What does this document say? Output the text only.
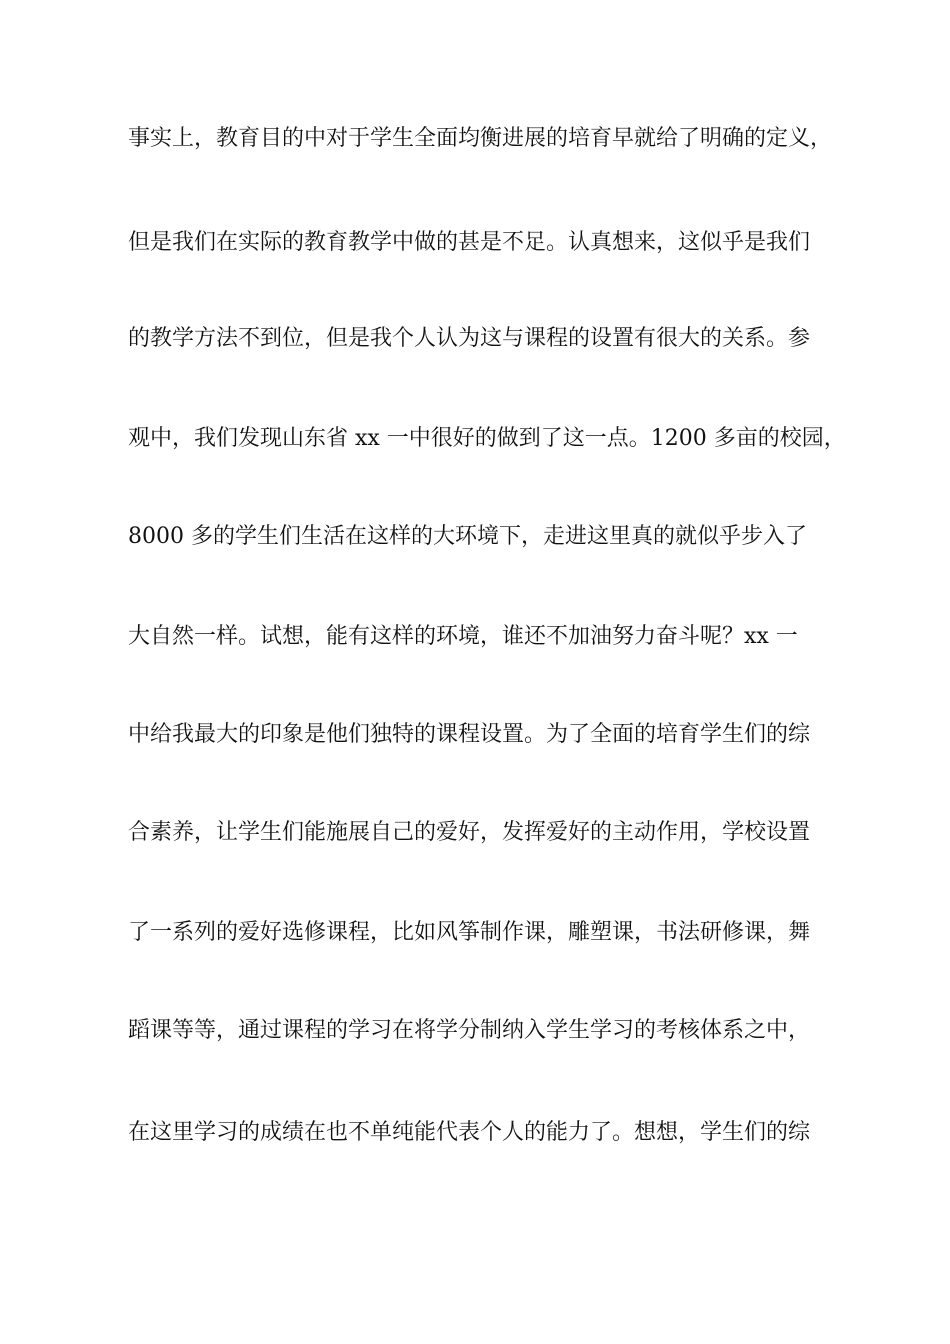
事实上，教育目的中对于学生全面均衡进展的培育早就给了明确的定义，
但是我们在实际的教育教学中做的甚是不足。认真想来，这似乎是我们
的教学方法不到位，但是我个人认为这与课程的设置有很大的关系。参
观中，我们发现山东省 xx 一中很好的做到了这一点。1200 多亩的校园，
8000 多的学生们生活在这样的大环境下，走进这里真的就似乎步入了
大自然一样。试想，能有这样的环境，谁还不加油努力奋斗呢？xx 一
中给我最大的印象是他们独特的课程设置。为了全面的培育学生们的综
合素养，让学生们能施展自己的爱好，发挥爱好的主动作用，学校设置
了一系列的爱好选修课程，比如风筝制作课，雕塑课，书法研修课，舞
蹈课等等，通过课程的学习在将学分制纳入学生学习的考核体系之中，
在这里学习的成绩在也不单纯能代表个人的能力了。想想，学生们的综
